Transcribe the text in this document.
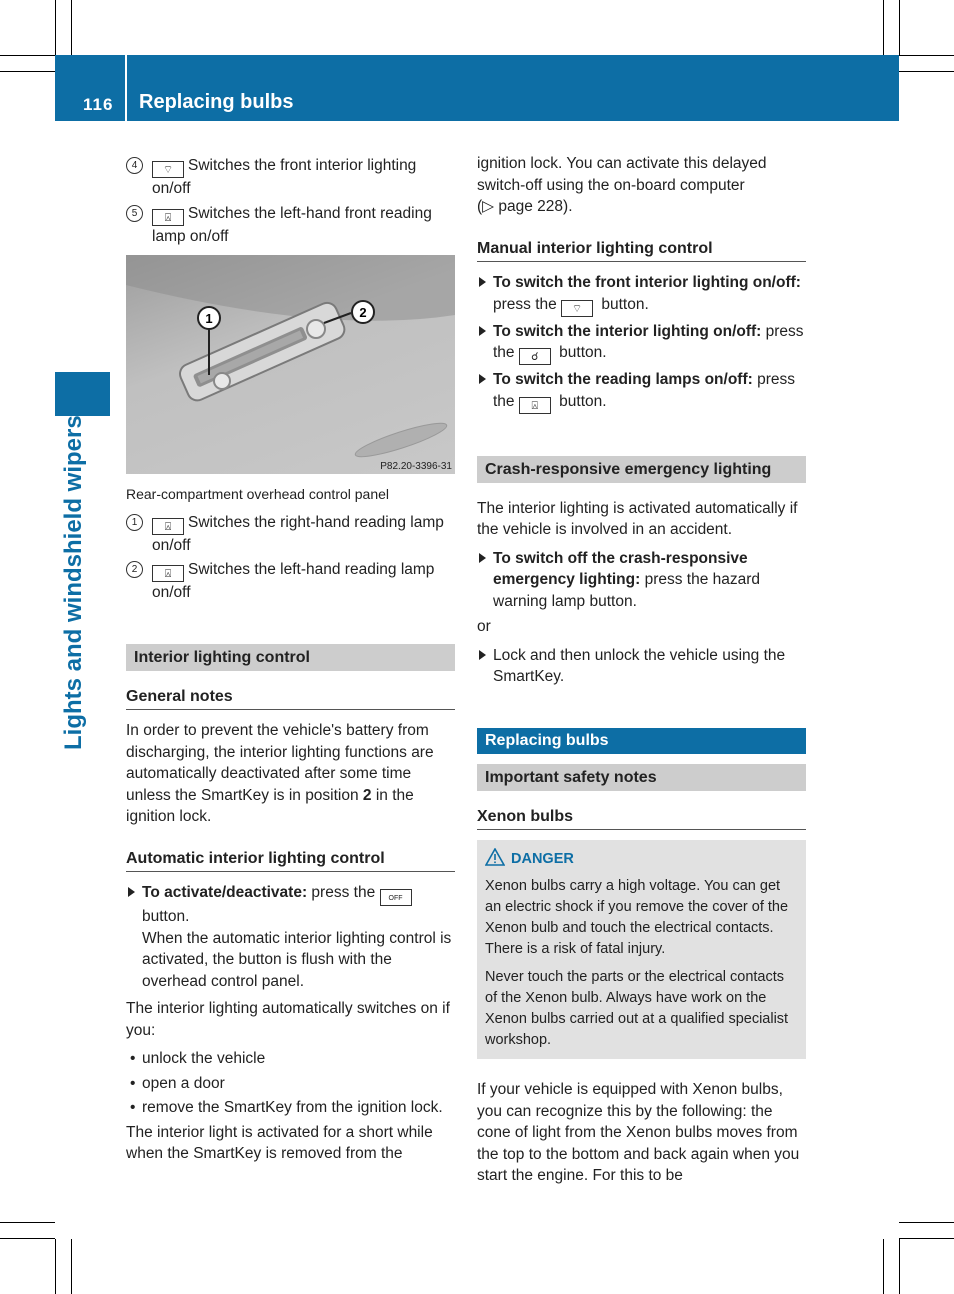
116 Replacing bulbs
Lights and windshield wipers
4	⌔ Switches the front interior lighting on/off
5	⍓ Switches the left-hand front reading lamp on/off
1	2
P82.20-3396-31
Rear-compartment overhead control panel
1	⍓ Switches the right-hand reading lamp on/off
2	⍓ Switches the left-hand reading lamp on/off
Interior lighting control
General notes

In order to prevent the vehicle's battery from discharging, the interior lighting functions are automatically deactivated after some time unless the SmartKey is in position 2 in the ignition lock.

Automatic interior lighting control
To activate/deactivate: press the OFF
button.
When the automatic interior lighting control is activated, the button is flush with the overhead control panel.

The interior lighting automatically switches on if you:

• unlock the vehicle
• open a door
• remove the SmartKey from the ignition lock.

The interior light is activated for a short while when the SmartKey is removed from the

ignition lock. You can activate this delayed switch-off using the on-board computer
(▷ page 228).

Manual interior lighting control
To switch the front interior lighting on/off: press the ⌔ button.
To switch the interior lighting on/off: press the ☌ button.
To switch the reading lamps on/off: press the ⍓ button.
Crash-responsive emergency lighting

The interior lighting is activated automatically if the vehicle is involved in an accident.

To switch off the crash-responsive emergency lighting: press the hazard warning lamp button.

or

Lock and then unlock the vehicle using the SmartKey.
Replacing bulbs
Important safety notes
Xenon bulbs
DANGER

Xenon bulbs carry a high voltage. You can get an electric shock if you remove the cover of the Xenon bulb and touch the electrical contacts. There is a risk of fatal injury.

Never touch the parts or the electrical contacts of the Xenon bulb. Always have work on the Xenon bulbs carried out at a qualified specialist workshop.

If your vehicle is equipped with Xenon bulbs, you can recognize this by the following: the cone of light from the Xenon bulbs moves from the top to the bottom and back again when you start the engine. For this to be
